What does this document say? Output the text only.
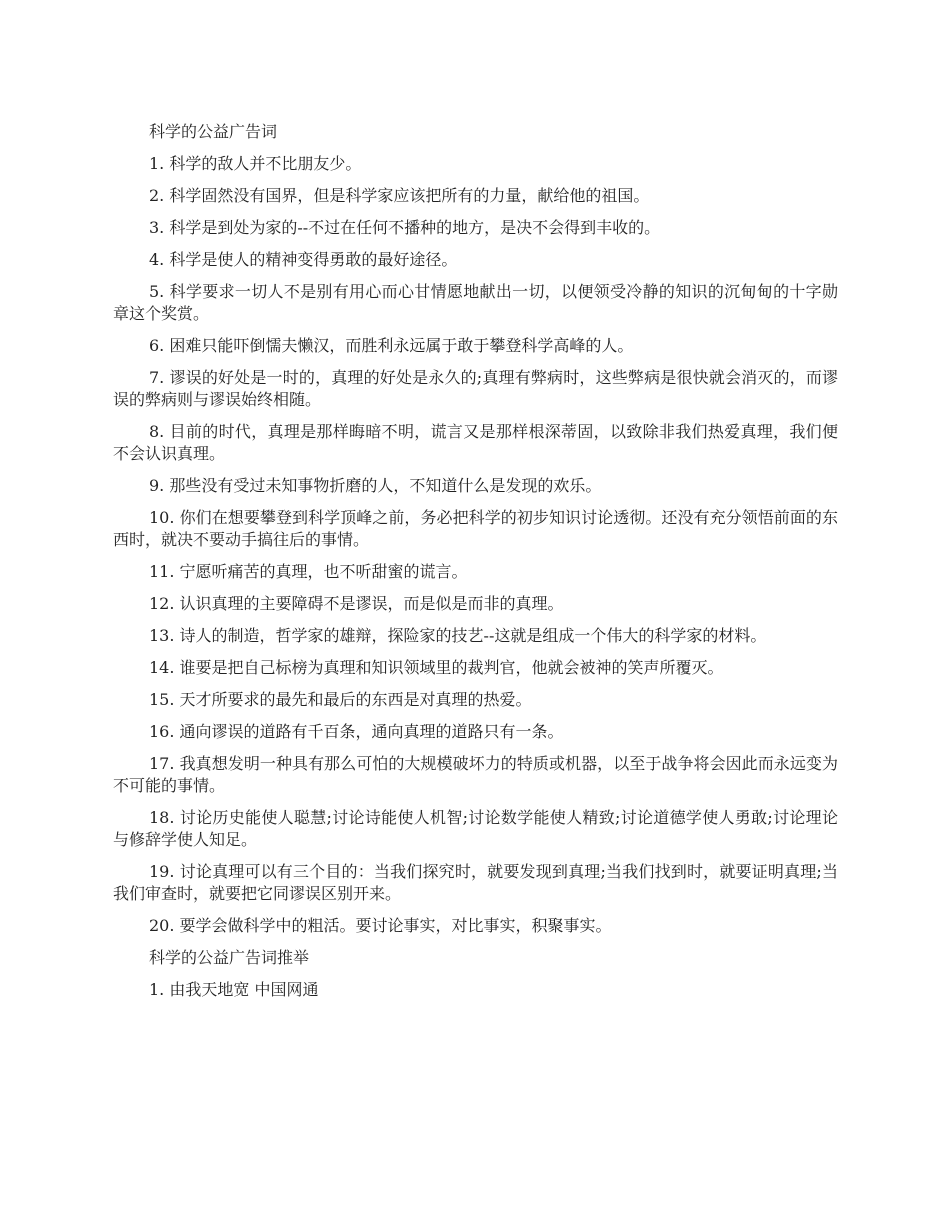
科学的公益广告词

1. 科学的敌人并不比朋友少。

2. 科学固然没有国界，但是科学家应该把所有的力量，献给他的祖国。

3. 科学是到处为家的--不过在任何不播种的地方，是决不会得到丰收的。

4. 科学是使人的精神变得勇敢的最好途径。

5. 科学要求一切人不是别有用心而心甘情愿地献出一切，以便领受冷静的知识的沉甸甸的十字勋章这个奖赏。

6. 困难只能吓倒懦夫懒汉，而胜利永远属于敢于攀登科学高峰的人。

7. 谬误的好处是一时的，真理的好处是永久的;真理有弊病时，这些弊病是很快就会消灭的，而谬误的弊病则与谬误始终相随。

8. 目前的时代，真理是那样晦暗不明，谎言又是那样根深蒂固，以致除非我们热爱真理，我们便不会认识真理。

9. 那些没有受过未知事物折磨的人，不知道什么是发现的欢乐。

10. 你们在想要攀登到科学顶峰之前，务必把科学的初步知识讨论透彻。还没有充分领悟前面的东西时，就决不要动手搞往后的事情。

11. 宁愿听痛苦的真理，也不听甜蜜的谎言。

12. 认识真理的主要障碍不是谬误，而是似是而非的真理。

13. 诗人的制造，哲学家的雄辩，探险家的技艺--这就是组成一个伟大的科学家的材料。

14. 谁要是把自己标榜为真理和知识领域里的裁判官，他就会被神的笑声所覆灭。

15. 天才所要求的最先和最后的东西是对真理的热爱。

16. 通向谬误的道路有千百条，通向真理的道路只有一条。

17. 我真想发明一种具有那么可怕的大规模破坏力的特质或机器，以至于战争将会因此而永远变为不可能的事情。

18. 讨论历史能使人聪慧;讨论诗能使人机智;讨论数学能使人精致;讨论道德学使人勇敢;讨论理论与修辞学使人知足。

19. 讨论真理可以有三个目的：当我们探究时，就要发现到真理;当我们找到时，就要证明真理;当我们审查时，就要把它同谬误区别开来。

20. 要学会做科学中的粗活。要讨论事实，对比事实，积聚事实。

科学的公益广告词推举

1. 由我天地宽 中国网通
